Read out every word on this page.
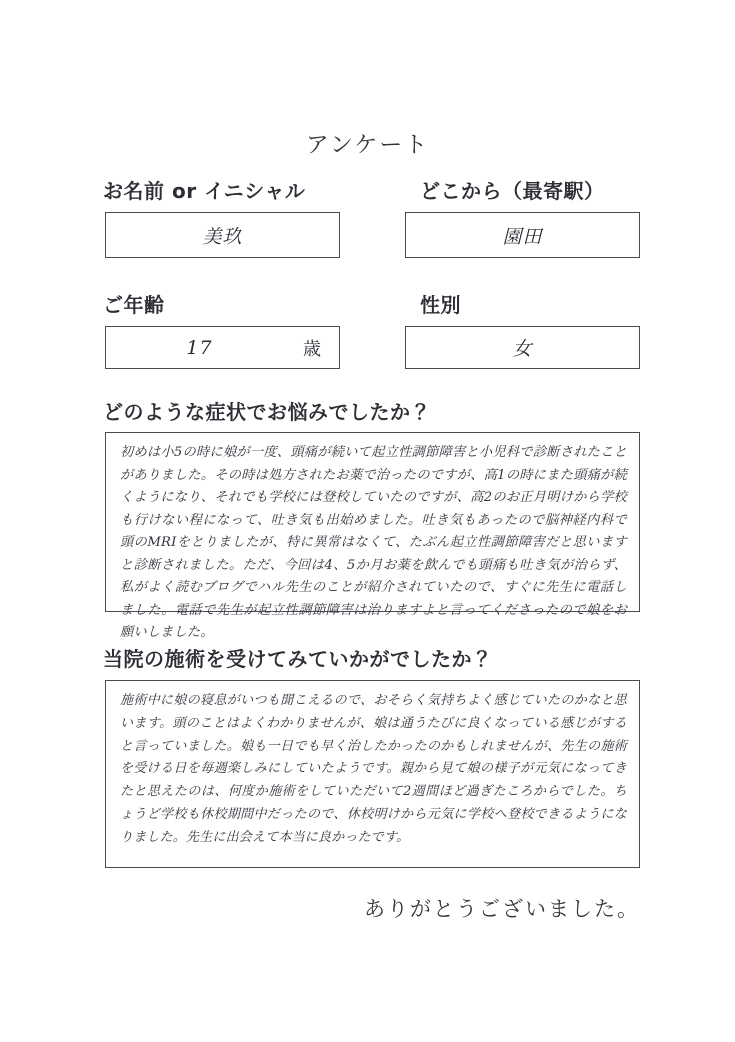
アンケート
お名前 or イニシャル
美玖
どこから（最寄駅）
園田
ご年齢
17	歳
性別
女
どのような症状でお悩みでしたか？
初めは小5の時に娘が一度、頭痛が続いて起立性調節障害と小児科で診断されたことがありました。その時は処方されたお薬で治ったのですが、高1の時にまた頭痛が続くようになり、それでも学校には登校していたのですが、高2のお正月明けから学校も行けない程になって、吐き気も出始めました。吐き気もあったので脳神経内科で頭のMRIをとりましたが、特に異常はなくて、たぶん起立性調節障害だと思いますと診断されました。ただ、今回は4、5か月お薬を飲んでも頭痛も吐き気が治らず、私がよく読むブログでハル先生のことが紹介されていたので、すぐに先生に電話しました。電話で先生が起立性調節障害は治りますよと言ってくださったので娘をお願いしました。
当院の施術を受けてみていかがでしたか？
施術中に娘の寝息がいつも聞こえるので、おそらく気持ちよく感じていたのかなと思います。頭のことはよくわかりませんが、娘は通うたびに良くなっている感じがすると言っていました。娘も一日でも早く治したかったのかもしれませんが、先生の施術を受ける日を毎週楽しみにしていたようです。親から見て娘の様子が元気になってきたと思えたのは、何度か施術をしていただいて2週間ほど過ぎたころからでした。ちょうど学校も休校期間中だったので、休校明けから元気に学校へ登校できるようになりました。先生に出会えて本当に良かったです。
ありがとうございました。
